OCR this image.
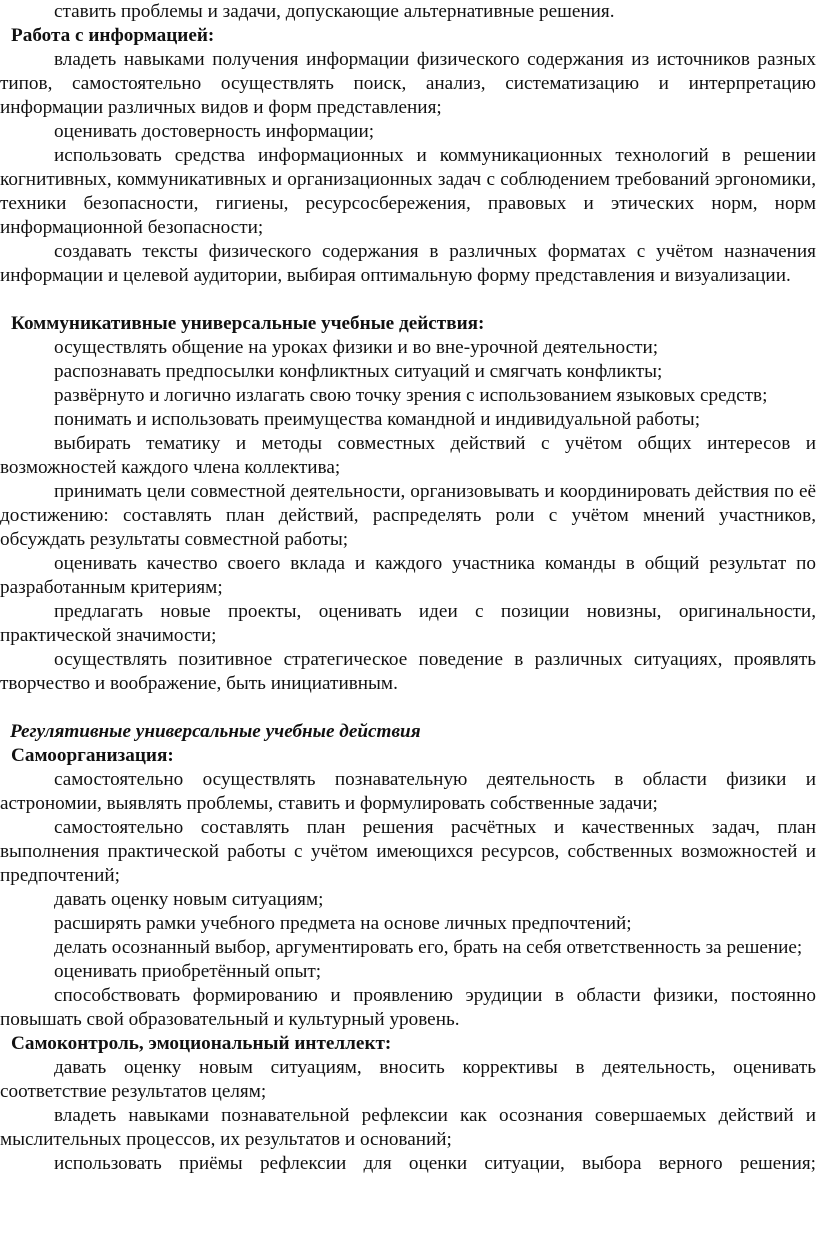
ставить проблемы и задачи, допускающие альтернативные решения.

Работа с информацией:

владеть навыками получения информации физического содержания из источников разных типов, самостоятельно осуществлять поиск, анализ, систематизацию и интерпретацию информации различных видов и форм представления;

оценивать достоверность информации;

использовать средства информационных и коммуникационных технологий в решении когнитивных, коммуникативных и организационных задач с соблюдением требований эргономики, техники безопасности, гигиены, ресурсосбережения, правовых и этических норм, норм информационной безопасности;

создавать тексты физического содержания в различных форматах с учётом назначения информации и целевой аудитории, выбирая оптимальную форму представления и визуализации.

Коммуникативные универсальные учебные действия:

осуществлять общение на уроках физики и во вне-урочной деятельности;

распознавать предпосылки конфликтных ситуаций и смягчать конфликты;

развёрнуто и логично излагать свою точку зрения с использованием языковых средств;

понимать и использовать преимущества командной и индивидуальной работы;

выбирать тематику и методы совместных действий с учётом общих интересов и возможностей каждого члена коллектива;

принимать цели совместной деятельности, организовывать и координировать действия по её достижению: составлять план действий, распределять роли с учётом мнений участников, обсуждать результаты совместной работы;

оценивать качество своего вклада и каждого участника команды в общий результат по разработанным критериям;

предлагать новые проекты, оценивать идеи с позиции новизны, оригинальности, практической значимости;

осуществлять позитивное стратегическое поведение в различных ситуациях, проявлять творчество и воображение, быть инициативным.

Регулятивные универсальные учебные действия

Самоорганизация:

самостоятельно осуществлять познавательную деятельность в области физики и астрономии, выявлять проблемы, ставить и формулировать собственные задачи;

самостоятельно составлять план решения расчётных и качественных задач, план выполнения практической работы с учётом имеющихся ресурсов, собственных возможностей и предпочтений;

давать оценку новым ситуациям;

расширять рамки учебного предмета на основе личных предпочтений;

делать осознанный выбор, аргументировать его, брать на себя ответственность за решение;

оценивать приобретённый опыт;

способствовать формированию и проявлению эрудиции в области физики, постоянно повышать свой образовательный и культурный уровень.

Самоконтроль, эмоциональный интеллект:

давать оценку новым ситуациям, вносить коррективы в деятельность, оценивать соответствие результатов целям;

владеть навыками познавательной рефлексии как осознания совершаемых действий и мыслительных процессов, их результатов и оснований;

использовать приёмы рефлексии для оценки ситуации, выбора верного решения;
